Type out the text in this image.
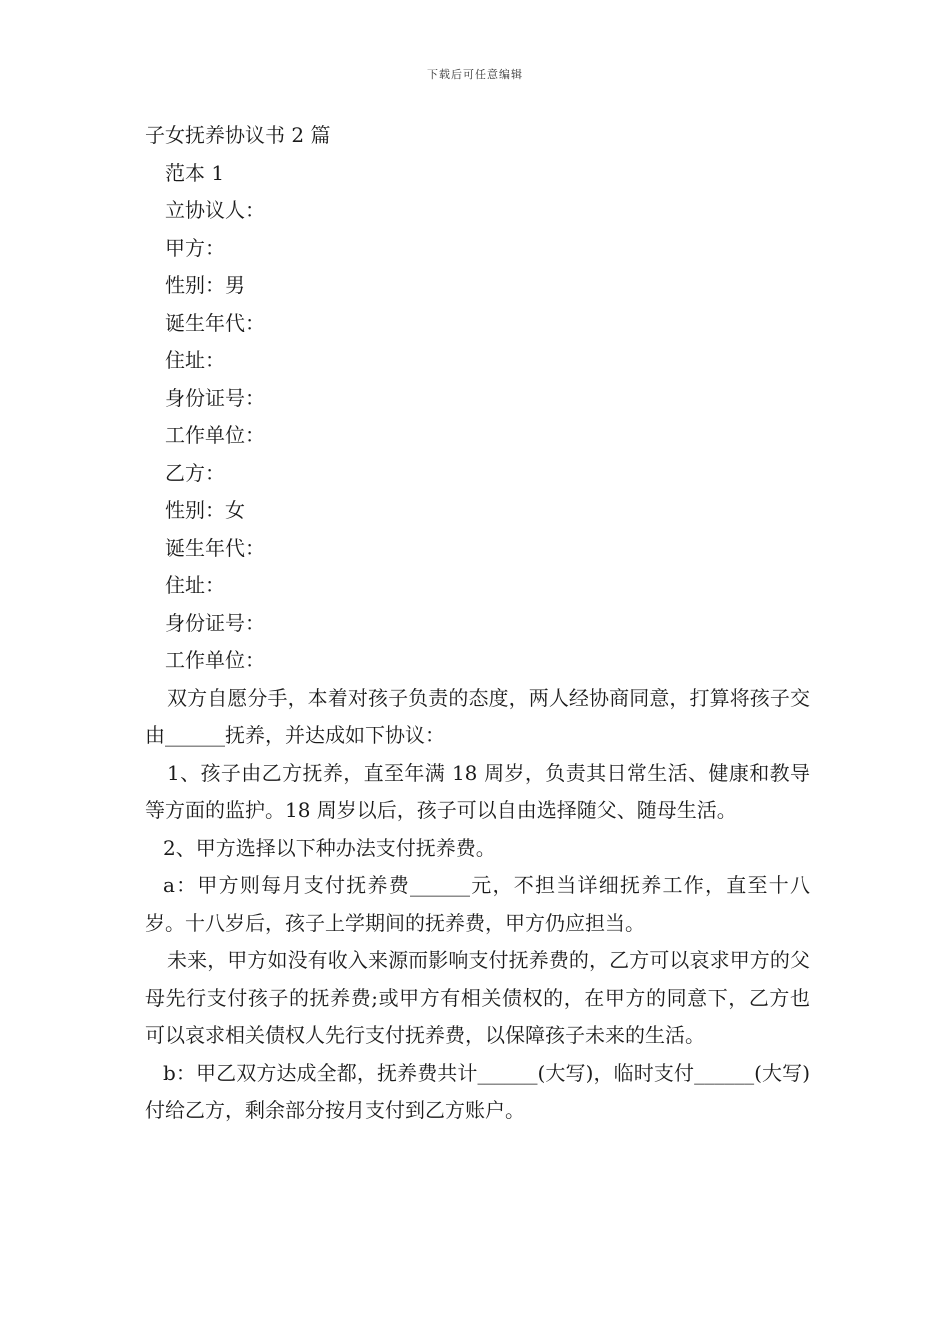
下载后可任意编辑
子女抚养协议书 2 篇
范本 1
立协议人：
甲方：
性别：男
诞生年代：
住址：
身份证号：
工作单位：
乙方：
性别：女
诞生年代：
住址：
身份证号：
工作单位：
双方自愿分手，本着对孩子负责的态度，两人经协商同意，打算将孩子交由______抚养，并达成如下协议：
1、孩子由乙方抚养，直至年满 18 周岁，负责其日常生活、健康和教导等方面的监护。18 周岁以后，孩子可以自由选择随父、随母生活。
2、甲方选择以下种办法支付抚养费。
a：甲方则每月支付抚养费______元，不担当详细抚养工作，直至十八岁。十八岁后，孩子上学期间的抚养费，甲方仍应担当。
未来，甲方如没有收入来源而影响支付抚养费的，乙方可以哀求甲方的父母先行支付孩子的抚养费;或甲方有相关债权的，在甲方的同意下，乙方也可以哀求相关债权人先行支付抚养费，以保障孩子未来的生活。
b：甲乙双方达成全都，抚养费共计______(大写)，临时支付______(大写)付给乙方，剩余部分按月支付到乙方账户。
